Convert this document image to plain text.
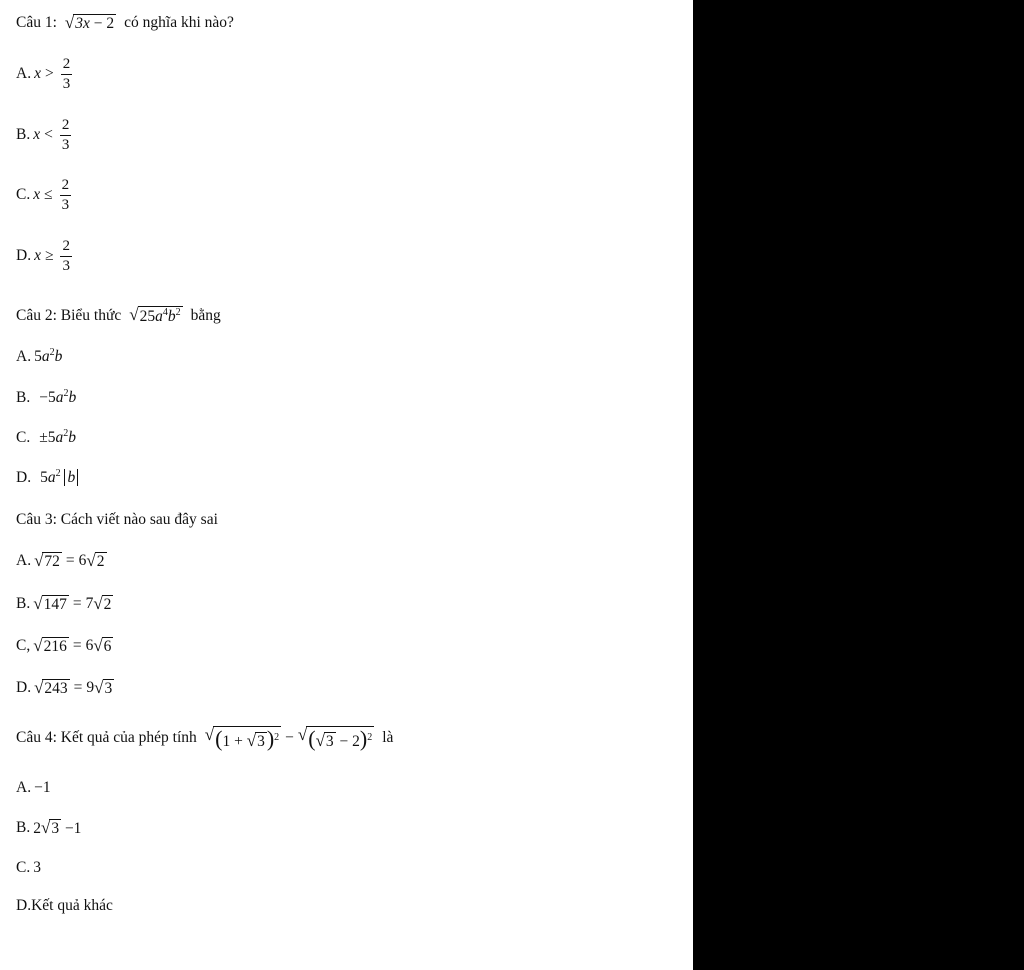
Câu 1: √ 3x − 2 có nghĩa khi nào?
A. $x > \frac{2}{3}$
B. $x < \frac{2}{3}$
C. $x \le \frac{2}{3}$
D. $x \ge \frac{2}{3}$
Câu 2: Biểu thức √ $25a^4b^2$ bằng
A. $5a^2b$
B. $-5a^2b$
C. $\pm 5a^2b$
D. $5a^2$ b
Câu 3: Cách viết nào sau đây sai
A. √ 72 = 6 √ 2
B. √ 147 = 7 √ 2
C, √ 216 = 6 √ 6
D. √ 243 = 9 √ 3
Câu 4: Kết quả của phép tính √ (1 + √ 3 )$^2$ − √ ( √ 3 − 2)$^2$ là
A. −1
B. 2 √ 3 −1
C. 3
D. Kết quả khác
